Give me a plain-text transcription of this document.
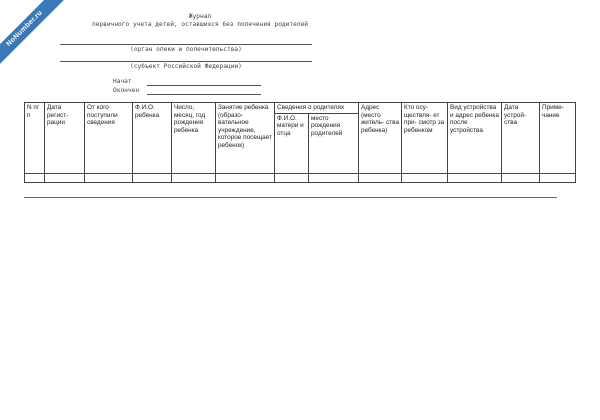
NoNumber.ru	Журнал
первичного учета детей, оставшихся без попечения родителей
(орган опеки и попечительства)
(субъект Российской Федерации)
Начат
Окончен
N п/п	Дата регист- рации	От кого поступили сведения	Ф.И.О. ребенка	Число, месяц, год рождения ребенка	Занятие ребенка (образо- вательное учреждение, которое посещает ребенок)	Сведения о родителях		Адрес (место житель- ства ребенка)	Кто осу- ществля- ет при- смотр за ребенком	Вид устройства и адрес ребенка после устройства	Дата устрой- ства	Приме- чание
						Ф.И.О. матери и отца	место рождения родителей					
